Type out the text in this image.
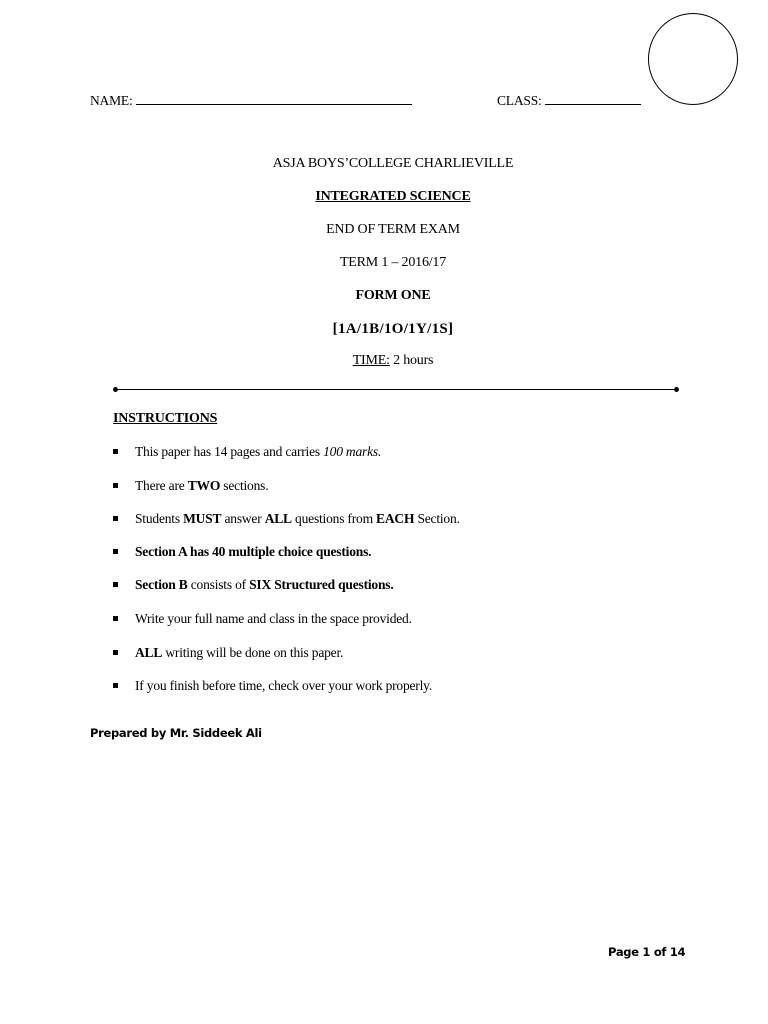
NAME:	CLASS:
ASJA BOYS’COLLEGE CHARLIEVILLE
INTEGRATED SCIENCE
END OF TERM EXAM
TERM 1 – 2016/17
FORM ONE
[1A/1B/1O/1Y/1S]
TIME: 2 hours
INSTRUCTIONS
This paper has 14 pages and carries 100 marks.
There are TWO sections.
Students MUST answer ALL questions from EACH Section.
Section A has 40 multiple choice questions.
Section B consists of SIX Structured questions.
Write your full name and class in the space provided.
ALL writing will be done on this paper.
If you finish before time, check over your work properly.
Prepared by Mr. Siddeek Ali
Page 1 of 14
